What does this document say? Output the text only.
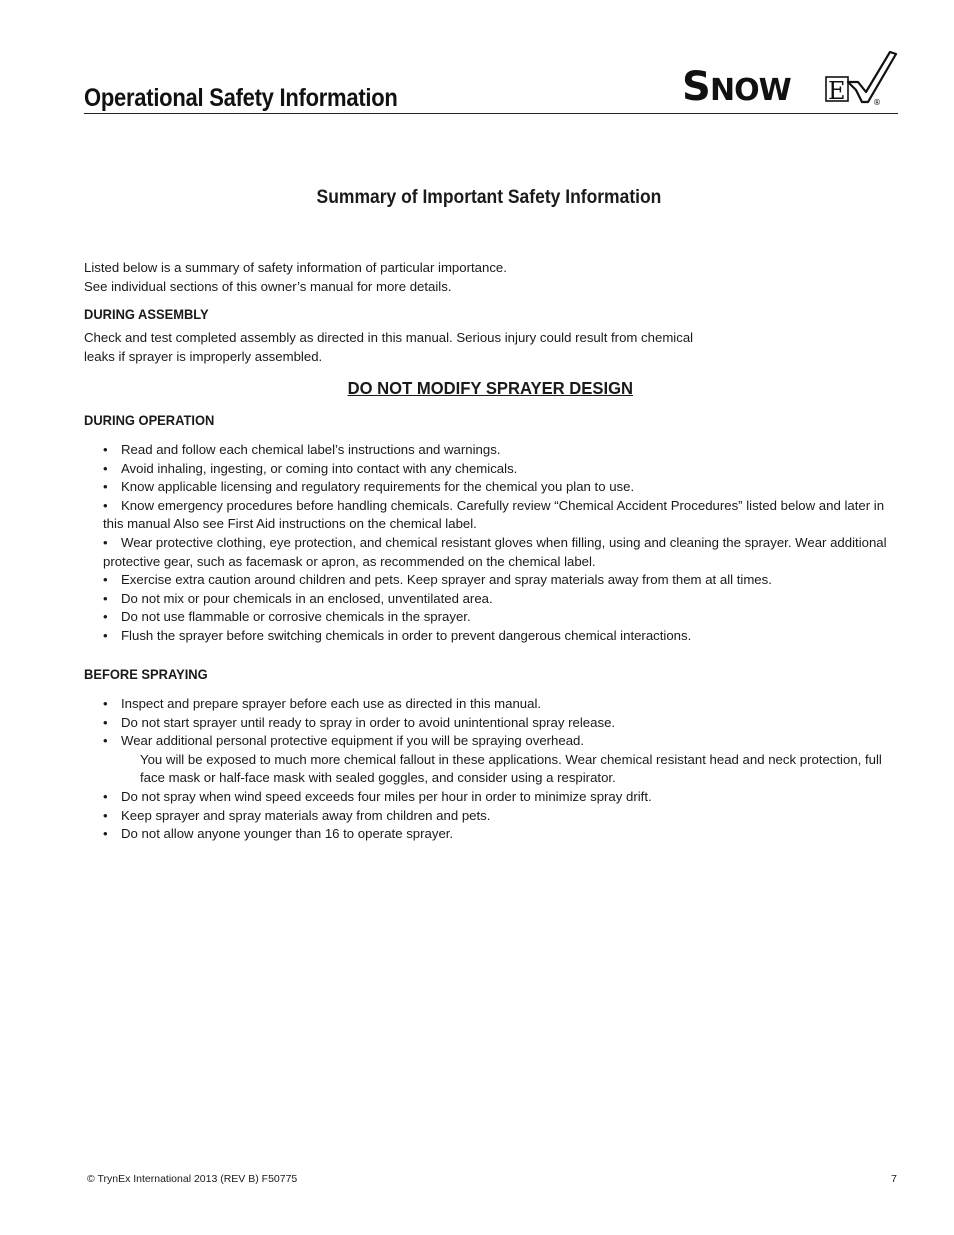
Operational Safety Information	S NOW E	®
Summary of Important Safety Information
Listed below is a summary of safety information of particular importance.
See individual sections of this owner’s manual for more details.
DURING ASSEMBLY
Check and test completed assembly as directed in this manual. Serious injury could result from chemical
leaks if sprayer is improperly assembled.
DO NOT MODIFY SPRAYER DESIGN
DURING OPERATION
• Read and follow each chemical label’s instructions and warnings.
• Avoid inhaling, ingesting, or coming into contact with any chemicals.
• Know applicable licensing and regulatory requirements for the chemical you plan to use.
• Know emergency procedures before handling chemicals. Carefully review “Chemical Accident Procedures” listed below and later in this manual Also see First Aid instructions on the chemical label.
• Wear protective clothing, eye protection, and chemical resistant gloves when filling, using and cleaning the sprayer. Wear additional protective gear, such as facemask or apron, as recommended on the chemical label.
• Exercise extra caution around children and pets. Keep sprayer and spray materials away from them at all times.
• Do not mix or pour chemicals in an enclosed, unventilated area.
• Do not use flammable or corrosive chemicals in the sprayer.
• Flush the sprayer before switching chemicals in order to prevent dangerous chemical interactions.
BEFORE SPRAYING
• Inspect and prepare sprayer before each use as directed in this manual.
• Do not start sprayer until ready to spray in order to avoid unintentional spray release.
• Wear additional personal protective equipment if you will be spraying overhead.
You will be exposed to much more chemical fallout in these applications. Wear chemical resistant head and neck protection, full face mask or half-face mask with sealed goggles, and consider using a respirator.
• Do not spray when wind speed exceeds four miles per hour in order to minimize spray drift.
• Keep sprayer and spray materials away from children and pets.
• Do not allow anyone younger than 16 to operate sprayer.
© TrynEx International 2013 (REV B) F50775	7
